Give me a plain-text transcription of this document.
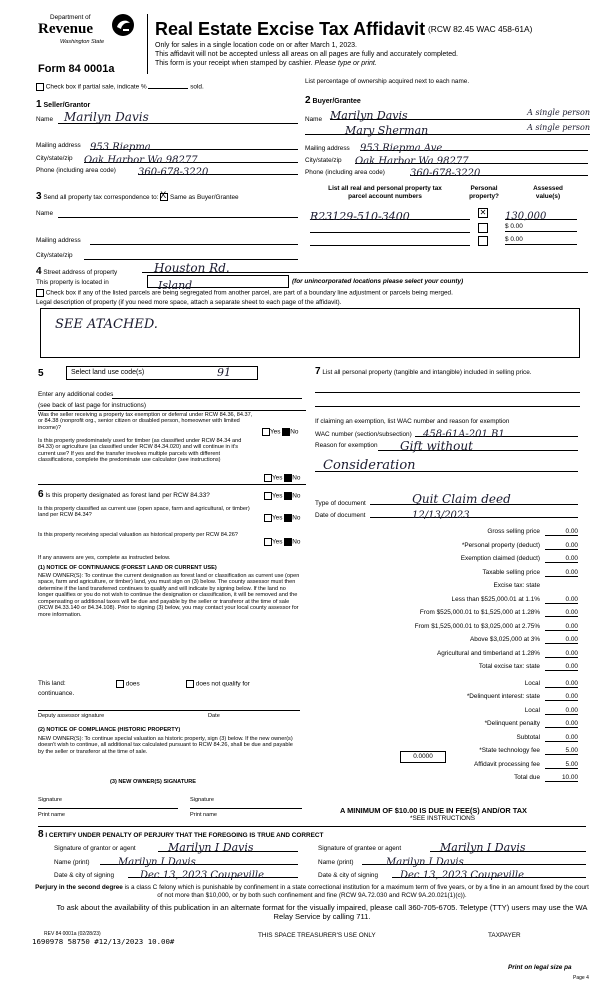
Department of
Revenue
Washington State
Form 84 0001a
Real Estate Excise Tax Affidavit (RCW 82.45 WAC 458-61A)
Only for sales in a single location code on or after March 1, 2023.
This affidavit will not be accepted unless all areas on all pages are fully and accurately completed.
This form is your receipt when stamped by cashier. Please type or print.
Check box if partial sale, indicate %	sold.
List percentage of ownership acquired next to each name.
1 Seller/Grantor
Name Marilyn Davis
Mailing address 953 Riepma
City/state/zip Oak Harbor Wa 98277
Phone (including area code) 360-678-3220
2 Buyer/Grantee
Name Marilyn Davis	A single person
Mary Sherman	A single person
Mailing address 953 Riepma Ave
City/state/zip Oak Harbor Wa 98277
Phone (including area code)	360-678-3220
3 Send all property tax correspondence to: X Same as Buyer/Grantee
Name
Mailing address
City/state/zip
List all real and personal property tax
parcel account numbers
Personal
property?
Assessed
value(s)
R23129-510-3400	✕ 130,000
$ 0.00
$ 0.00
4 Street address of property	Houston Rd.
This property is located in	Island	(for unincorporated locations please select your county)
Check box if any of the listed parcels are being segregated from another parcel, are part of a boundary line adjustment or parcels being merged.
Legal description of property (if you need more space, attach a separate sheet to each page of the affidavit).
SEE ATACHED.
5	Select land use code(s)	91
Enter any additional codes
(see back of last page for instructions)
Was the seller receiving a property tax exemption or deferral under RCW 84.36, 84.37, or 84.38 (nonprofit org., senior citizen or disabled person, homeowner with limited income)?
Yes No
Is this property predominately used for timber (as classified under RCW 84.34 and 84.33) or agriculture (as classified under RCW 84.34.020) and will continue in it's current use? If yes and the transfer involves multiple parcels with different classifications, complete the predominate use calculator (see instructions)
Yes No
6 Is this property designated as forest land per RCW 84.33?	Yes No
Is this property classified as current use (open space, farm and agricultural, or timber) land per RCW 84.34?	Yes No
Is this property receiving special valuation as historical property per RCW 84.26?
Yes No
If any answers are yes, complete as instructed below.
(1) NOTICE OF CONTINUANCE (FOREST LAND OR CURRENT USE)
NEW OWNER(S): To continue the current designation as forest land or classification as current use (open space, farm and agriculture, or timber) land, you must sign on (3) below. The county assessor must then determine if the land transferred continues to qualify and will indicate by signing below. If the land no longer qualifies or you do not wish to continue the designation or classification, it will be removed and the compensating or additional taxes will be due and payable by the seller or transferor at the time of sale (RCW 84.33.140 or 84.34.108). Prior to signing (3) below, you may contact your local county assessor for more information.
This land:	does	does not qualify for
continuance.
Deputy assessor signature	Date
(2) NOTICE OF COMPLIANCE (HISTORIC PROPERTY)
NEW OWNER(S): To continue special valuation as historic property, sign (3) below. If the new owner(s) doesn't wish to continue, all additional tax calculated pursuant to RCW 84.26, shall be due and payable by the seller or transferor at the time of sale.
(3) NEW OWNER(S) SIGNATURE
Signature	Signature
Print name	Print name
7 List all personal property (tangible and intangible) included in selling price.
If claiming an exemption, list WAC number and reason for exemption
WAC number (section/subsection)	458-61A-201 B1
Reason for exemption	Gift without
Consideration
Type of document	Quit Claim deed
Date of document	12/13/2023
Gross selling price	0.00
*Personal property (deduct)	0.00
Exemption claimed (deduct)	0.00
Taxable selling price	0.00
Excise tax: state
Less than $525,000.01 at 1.1%	0.00
From $525,000.01 to $1,525,000 at 1.28%	0.00
From $1,525,000.01 to $3,025,000 at 2.75%	0.00
Above $3,025,000 at 3%	0.00
Agricultural and timberland at 1.28%	0.00
Total excise tax: state	0.00
Local	0.00
*Delinquent interest: state	0.00
Local	0.00
*Delinquent penalty	0.00
Subtotal	0.00
*State technology fee	5.00
Affidavit processing fee	5.00
Total due	10.00
0.0000
A MINIMUM OF $10.00 IS DUE IN FEE(S) AND/OR TAX
*SEE INSTRUCTIONS
8 I CERTIFY UNDER PENALTY OF PERJURY THAT THE FOREGOING IS TRUE AND CORRECT
Signature of grantor or agent	Marilyn I Davis
Name (print)	Marilyn I Davis
Date & city of signing	Dec 13, 2023 Coupeville
Signature of grantee or agent	Marilyn I Davis
Name (print)	Marilyn I Davis
Date & city of signing	Dec 13, 2023 Coupeville
Perjury in the second degree is a class C felony which is punishable by confinement in a state correctional institution for a maximum term of five years, or by a fine in an amount fixed by the court of not more than $10,000, or by both such confinement and fine (RCW 9A.72.030 and RCW 9A.20.021(1)(c)).
To ask about the availability of this publication in an alternate format for the visually impaired, please call 360-705-6705. Teletype (TTY) users may use the WA Relay Service by calling 711.
REV 84 0001a (02/28/23)
1690978 58750 #12/13/2023 10.00#
THIS SPACE TREASURER'S USE ONLY	TAXPAYER
Print on legal size pa
Page 4
